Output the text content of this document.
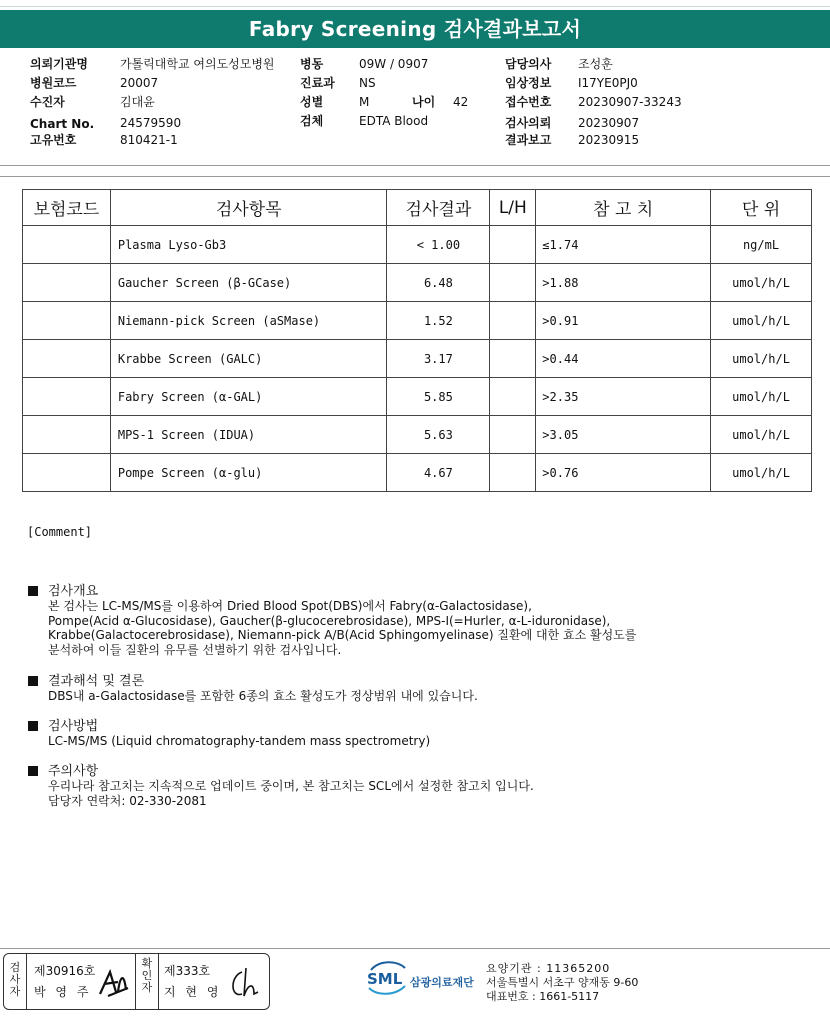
Fabry Screening 검사결과보고서
의뢰기관명	가톨릭대학교 여의도성모병원
병원코드	20007
수진자	김대윤
Chart No. 24579590
고유번호	810421-1
병동	09W / 0907
진료과 NS
성별	M	나이 42
검체	EDTA Blood
담당의사 조성훈
임상정보 I17YE0PJ0
접수번호 20230907-33243
검사의뢰 20230907
결과보고 20230915
보험코드	검사항목	검사결과	L/H	참 고 치	단 위
	Plasma Lyso-Gb3	< 1.00		≤1.74	ng/mL
	Gaucher Screen (β-GCase)	6.48		>1.88	umol/h/L
	Niemann-pick Screen (aSMase)	1.52		>0.91	umol/h/L
	Krabbe Screen (GALC)	3.17		>0.44	umol/h/L
	Fabry Screen (α-GAL)	5.85		>2.35	umol/h/L
	MPS-1 Screen (IDUA)	5.63		>3.05	umol/h/L
	Pompe Screen (α-glu)	4.67		>0.76	umol/h/L
[Comment]
검사개요
본 검사는 LC-MS/MS를 이용하여 Dried Blood Spot(DBS)에서 Fabry(α-Galactosidase),
Pompe(Acid α-Glucosidase), Gaucher(β-glucocerebrosidase), MPS-I(=Hurler, α-L-iduronidase),
Krabbe(Galactocerebrosidase), Niemann-pick A/B(Acid Sphingomyelinase) 질환에 대한 효소 활성도를
분석하여 이들 질환의 유무를 선별하기 위한 검사입니다.
결과해석 및 결론
DBS내 a-Galactosidase를 포함한 6종의 효소 활성도가 정상범위 내에 있습니다.
검사방법
LC-MS/MS (Liquid chromatography-tandem mass spectrometry)
주의사항
우리나라 참고치는 지속적으로 업데이트 중이며, 본 참고치는 SCL에서 설정한 참고치 입니다.
담당자 연락처: 02-330-2081
검
사
자
제30916호
박 영 주
확
인
자
제333호
지 현 영
SML 삼광의료재단
요양기관 : 11365200
서울특별시 서초구 양재동 9-60
대표번호 : 1661-5117
